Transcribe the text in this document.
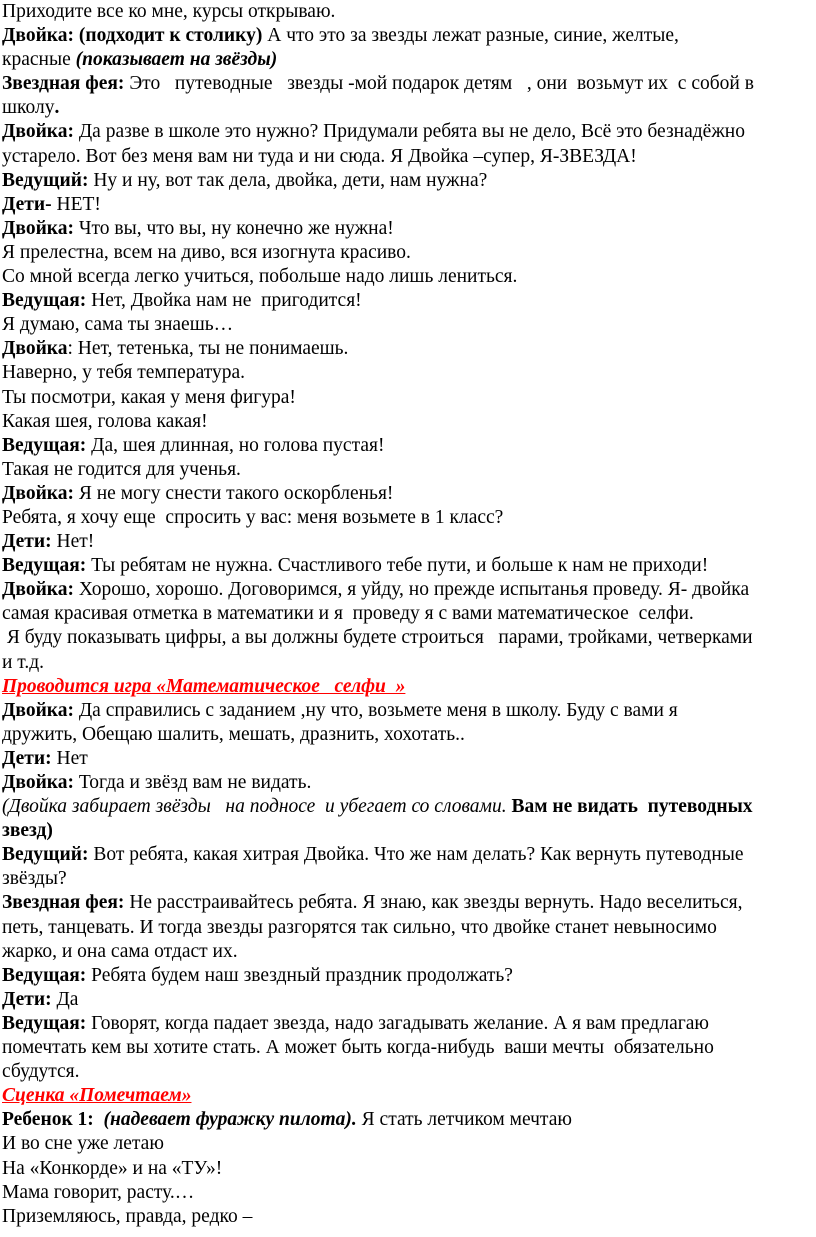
Приходите все ко мне, курсы открываю.
Двойка: (подходит к столику) А что это за звезды лежат разные, синие, желтые,
красные (показывает на звёзды)
Звездная фея: Это   путеводные   звезды -мой подарок детям   , они  возьмут их  с собой в
школу.
Двойка: Да разве в школе это нужно? Придумали ребята вы не дело, Всё это безнадёжно
устарело. Вот без меня вам ни туда и ни сюда. Я Двойка –супер, Я-ЗВЕЗДА!
Ведущий: Ну и ну, вот так дела, двойка, дети, нам нужна?
Дети- НЕТ!
Двойка: Что вы, что вы, ну конечно же нужна!
Я прелестна, всем на диво, вся изогнута красиво.
Со мной всегда легко учиться, побольше надо лишь лениться.
Ведущая: Нет, Двойка нам не  пригодится!
Я думаю, сама ты знаешь…
Двойка: Нет, тетенька, ты не понимаешь.
Наверно, у тебя температура.
Ты посмотри, какая у меня фигура!
Какая шея, голова какая!
Ведущая: Да, шея длинная, но голова пустая!
Такая не годится для ученья.
Двойка: Я не могу снести такого оскорбленья!
Ребята, я хочу еще  спросить у вас: меня возьмете в 1 класс?
Дети: Нет!
Ведущая: Ты ребятам не нужна. Счастливого тебе пути, и больше к нам не приходи!
Двойка: Хорошо, хорошо. Договоримся, я уйду, но прежде испытанья проведу. Я- двойка
самая красивая отметка в математики и я  проведу я с вами математическое  селфи.
Я буду показывать цифры, а вы должны будете строиться   парами, тройками, четверками
и т.д.
Проводится игра «Математическое   селфи  »
Двойка: Да справились с заданием ,ну что, возьмете меня в школу. Буду с вами я
дружить, Обещаю шалить, мешать, дразнить, хохотать..
Дети: Нет
Двойка: Тогда и звёзд вам не видать.
(Двойка забирает звёзды   на подносе  и убегает со словами. Вам не видать  путеводных
звезд)
Ведущий: Вот ребята, какая хитрая Двойка. Что же нам делать? Как вернуть путеводные
звёзды?
Звездная фея: Не расстраивайтесь ребята. Я знаю, как звезды вернуть. Надо веселиться,
петь, танцевать. И тогда звезды разгорятся так сильно, что двойке станет невыносимо
жарко, и она сама отдаст их.
Ведущая: Ребята будем наш звездный праздник продолжать?
Дети: Да
Ведущая: Говорят, когда падает звезда, надо загадывать желание. А я вам предлагаю
помечтать кем вы хотите стать. А может быть когда-нибудь  ваши мечты  обязательно
сбудутся.
Сценка «Помечтаем»
Ребенок 1: (надевает фуражку пилота). Я стать летчиком мечтаю
И во сне уже летаю
На «Конкорде» и на «ТУ»!
Мама говорит, расту.…
Приземляюсь, правда, редко –
